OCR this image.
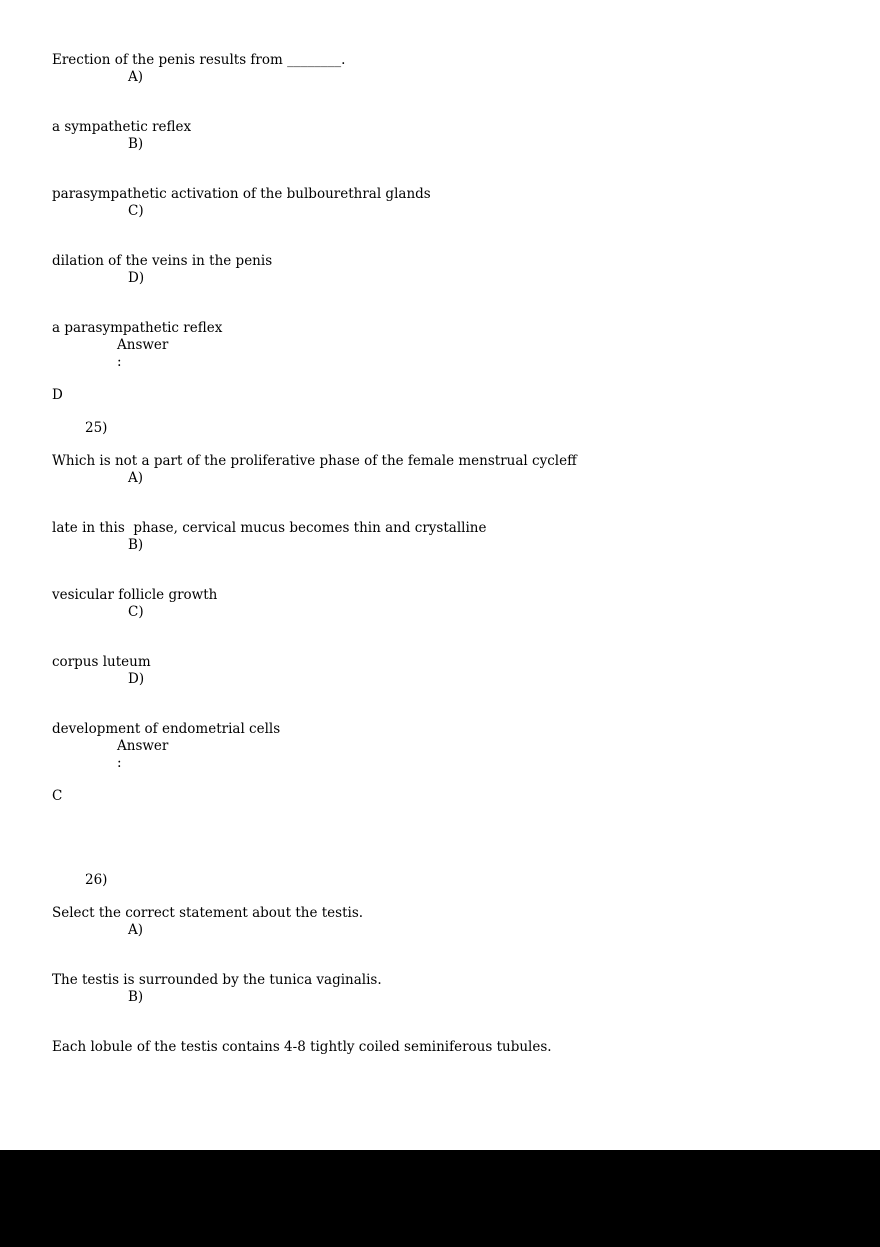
Erection of the penis results from ________.
A)
a sympathetic reflex
B)
parasympathetic activation of the bulbourethral glands
C)
dilation of the veins in the penis
D)
a parasympathetic reflex
Answer
:
D
25)
Which is not a part of the proliferative phase of the female menstrual cycleff
A)
late in this  phase, cervical mucus becomes thin and crystalline
B)
vesicular follicle growth
C)
corpus luteum
D)
development of endometrial cells
Answer
:
C
26)
Select the correct statement about the testis.
A)
The testis is surrounded by the tunica vaginalis.
B)
Each lobule of the testis contains 4-8 tightly coiled seminiferous tubules.
